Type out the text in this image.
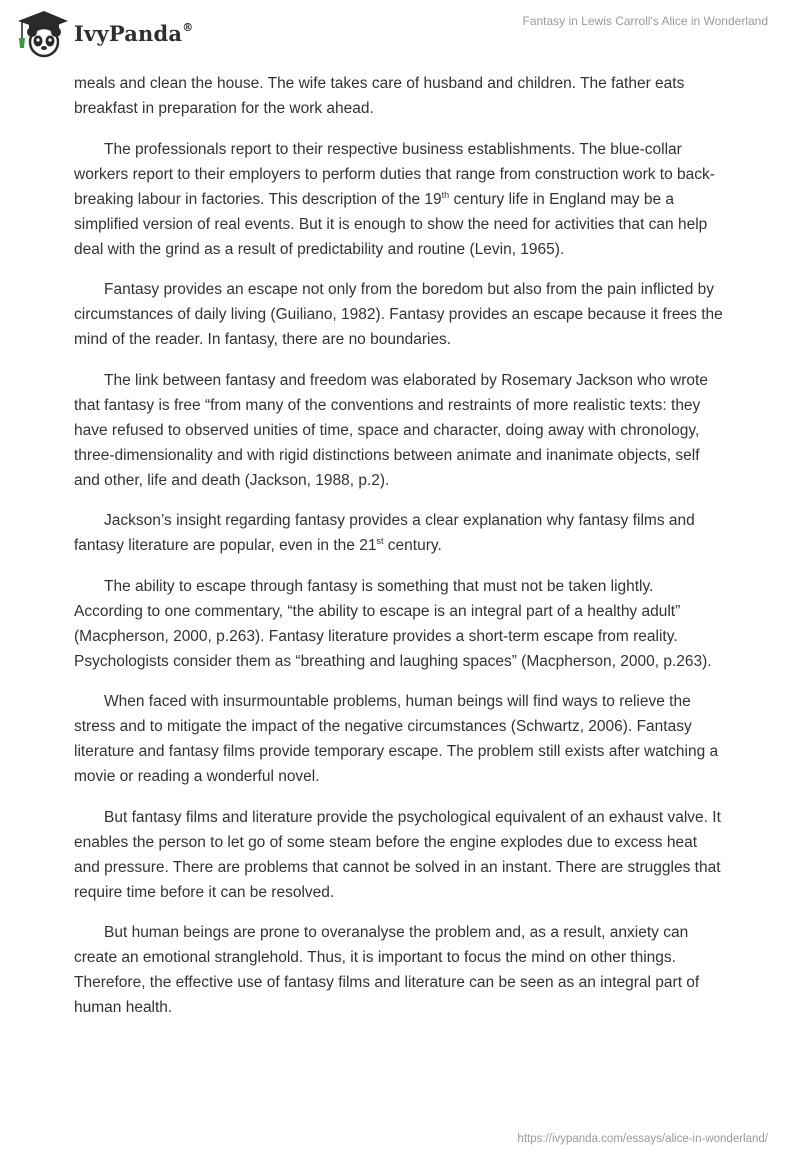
IvyPanda®	Fantasy in Lewis Carroll's Alice in Wonderland

meals and clean the house. The wife takes care of husband and children. The father eats breakfast in preparation for the work ahead.

The professionals report to their respective business establishments. The blue-collar workers report to their employers to perform duties that range from construction work to back-breaking labour in factories. This description of the 19th century life in England may be a simplified version of real events. But it is enough to show the need for activities that can help deal with the grind as a result of predictability and routine (Levin, 1965).

Fantasy provides an escape not only from the boredom but also from the pain inflicted by circumstances of daily living (Guiliano, 1982). Fantasy provides an escape because it frees the mind of the reader. In fantasy, there are no boundaries.

The link between fantasy and freedom was elaborated by Rosemary Jackson who wrote that fantasy is free “from many of the conventions and restraints of more realistic texts: they have refused to observed unities of time, space and character, doing away with chronology, three-dimensionality and with rigid distinctions between animate and inanimate objects, self and other, life and death (Jackson, 1988, p.2).

Jackson’s insight regarding fantasy provides a clear explanation why fantasy films and fantasy literature are popular, even in the 21st century.

The ability to escape through fantasy is something that must not be taken lightly. According to one commentary, “the ability to escape is an integral part of a healthy adult” (Macpherson, 2000, p.263). Fantasy literature provides a short-term escape from reality. Psychologists consider them as “breathing and laughing spaces” (Macpherson, 2000, p.263).

When faced with insurmountable problems, human beings will find ways to relieve the stress and to mitigate the impact of the negative circumstances (Schwartz, 2006). Fantasy literature and fantasy films provide temporary escape. The problem still exists after watching a movie or reading a wonderful novel.

But fantasy films and literature provide the psychological equivalent of an exhaust valve. It enables the person to let go of some steam before the engine explodes due to excess heat and pressure. There are problems that cannot be solved in an instant. There are struggles that require time before it can be resolved.

But human beings are prone to overanalyse the problem and, as a result, anxiety can create an emotional stranglehold. Thus, it is important to focus the mind on other things. Therefore, the effective use of fantasy films and literature can be seen as an integral part of human health.

https://ivypanda.com/essays/alice-in-wonderland/
